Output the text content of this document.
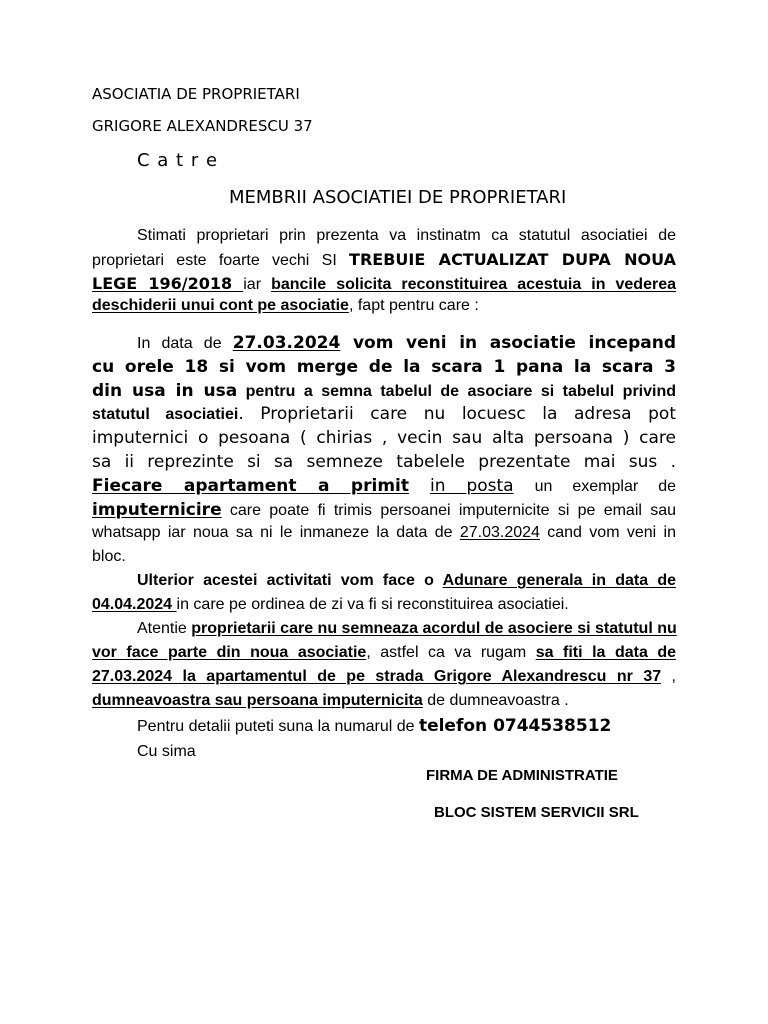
ASOCIATIA DE PROPRIETARI
GRIGORE ALEXANDRESCU 37
C a t r e
MEMBRII ASOCIATIEI DE PROPRIETARI
Stimati proprietari prin prezenta va instinatm ca statutul asociatiei de
proprietari este foarte vechi SI TREBUIE ACTUALIZAT DUPA NOUA
LEGE 196/2018 iar bancile solicita reconstituirea acestuia in vederea
deschiderii unui cont pe asociatie, fapt pentru care :
In data de 27.03.2024 vom veni in asociatie incepand
cu orele 18 si vom merge de la scara 1 pana la scara 3
din usa in usa pentru a semna tabelul de asociare si tabelul privind
statutul asociatiei. Proprietarii care nu locuesc la adresa pot
imputernici o pesoana ( chirias , vecin sau alta persoana ) care
sa ii reprezinte si sa semneze tabelele prezentate mai sus .
Fiecare apartament a primit in posta un exemplar de
imputernicire care poate fi trimis persoanei imputernicite si pe email sau
whatsapp iar noua sa ni le inmaneze la data de 27.03.2024 cand vom veni in
bloc.
Ulterior acestei activitati vom face o Adunare generala in data de
04.04.2024 in care pe ordinea de zi va fi si reconstituirea asociatiei.
Atentie proprietarii care nu semneaza acordul de asociere si statutul nu
vor face parte din noua asociatie, astfel ca va rugam sa fiti la data de
27.03.2024 la apartamentul de pe strada Grigore Alexandrescu nr 37 ,
dumneavoastra sau persoana imputernicita de dumneavoastra .
Pentru detalii puteti suna la numarul de telefon 0744538512
Cu sima
FIRMA DE ADMINISTRATIE
BLOC SISTEM SERVICII SRL
